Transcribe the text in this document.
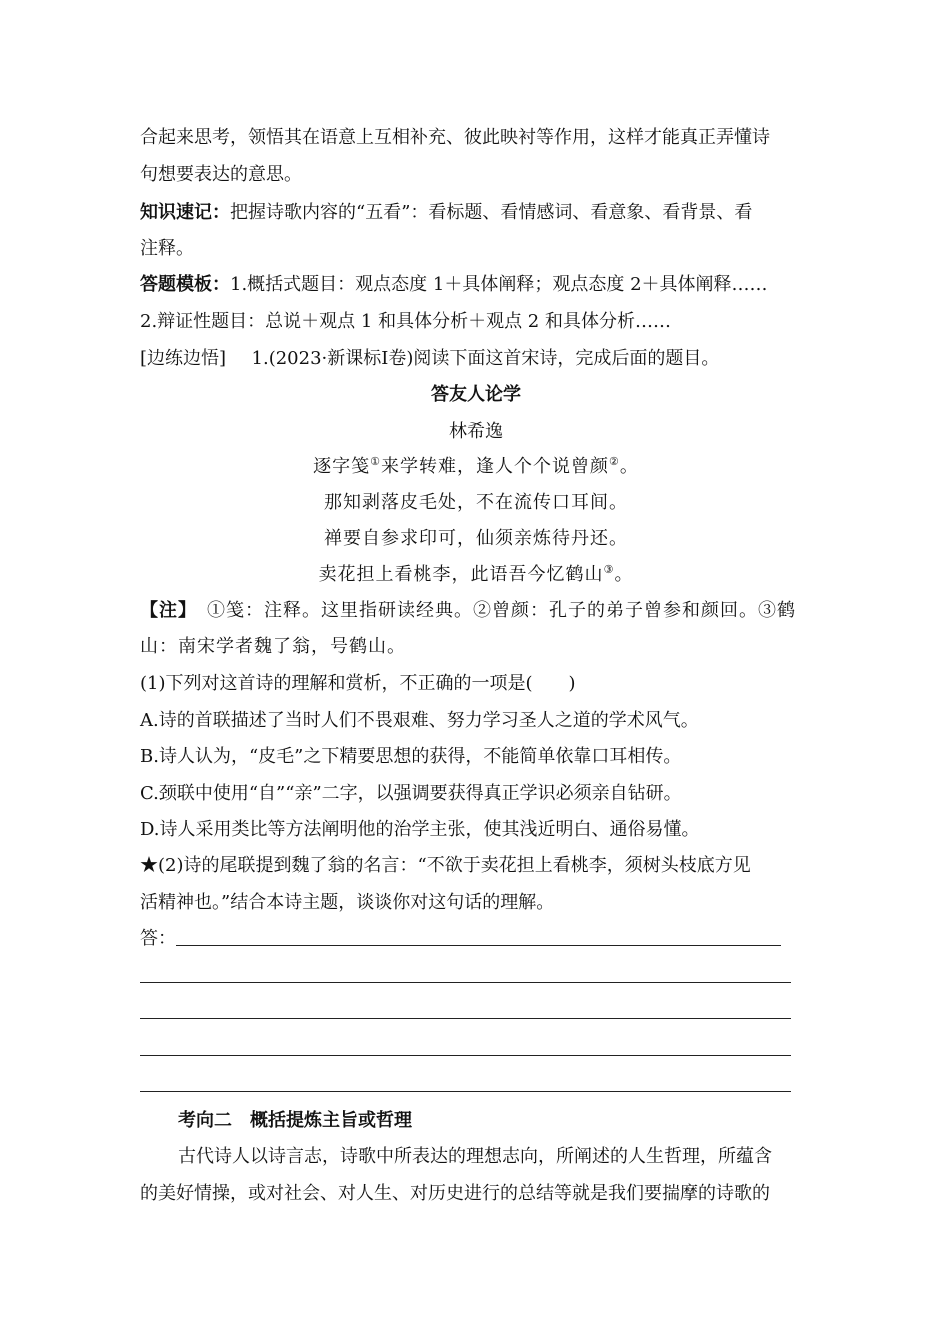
合起来思考，领悟其在语意上互相补充、彼此映衬等作用，这样才能真正弄懂诗
句想要表达的意思。
知识速记：把握诗歌内容的“五看”：看标题、看情感词、看意象、看背景、看
注释。
答题模板：1.概括式题目：观点态度 1＋具体阐释；观点态度 2＋具体阐释……
2.辩证性题目：总说＋观点 1 和具体分析＋观点 2 和具体分析……
[边练边悟] 1.(2023·新课标Ⅰ卷)阅读下面这首宋诗，完成后面的题目。
答友人论学
林希逸
逐字笺①来学转难，逢人个个说曾颜②。
那知剥落皮毛处，不在流传口耳间。
禅要自参求印可，仙须亲炼待丹还。
卖花担上看桃李，此语吾今忆鹤山③。
【注】 ①笺：注释。这里指研读经典。②曾颜：孔子的弟子曾参和颜回。③鹤
山：南宋学者魏了翁，号鹤山。
(1)下列对这首诗的理解和赏析，不正确的一项是(　　)
A.诗的首联描述了当时人们不畏艰难、努力学习圣人之道的学术风气。
B.诗人认为，“皮毛”之下精要思想的获得，不能简单依靠口耳相传。
C.颈联中使用“自”“亲”二字，以强调要获得真正学识必须亲自钻研。
D.诗人采用类比等方法阐明他的治学主张，使其浅近明白、通俗易懂。
★(2)诗的尾联提到魏了翁的名言：“不欲于卖花担上看桃李，须树头枝底方见
活精神也。”结合本诗主题，谈谈你对这句话的理解。
答：
考向二　概括提炼主旨或哲理
古代诗人以诗言志，诗歌中所表达的理想志向，所阐述的人生哲理，所蕴含
的美好情操，或对社会、对人生、对历史进行的总结等就是我们要揣摩的诗歌的
